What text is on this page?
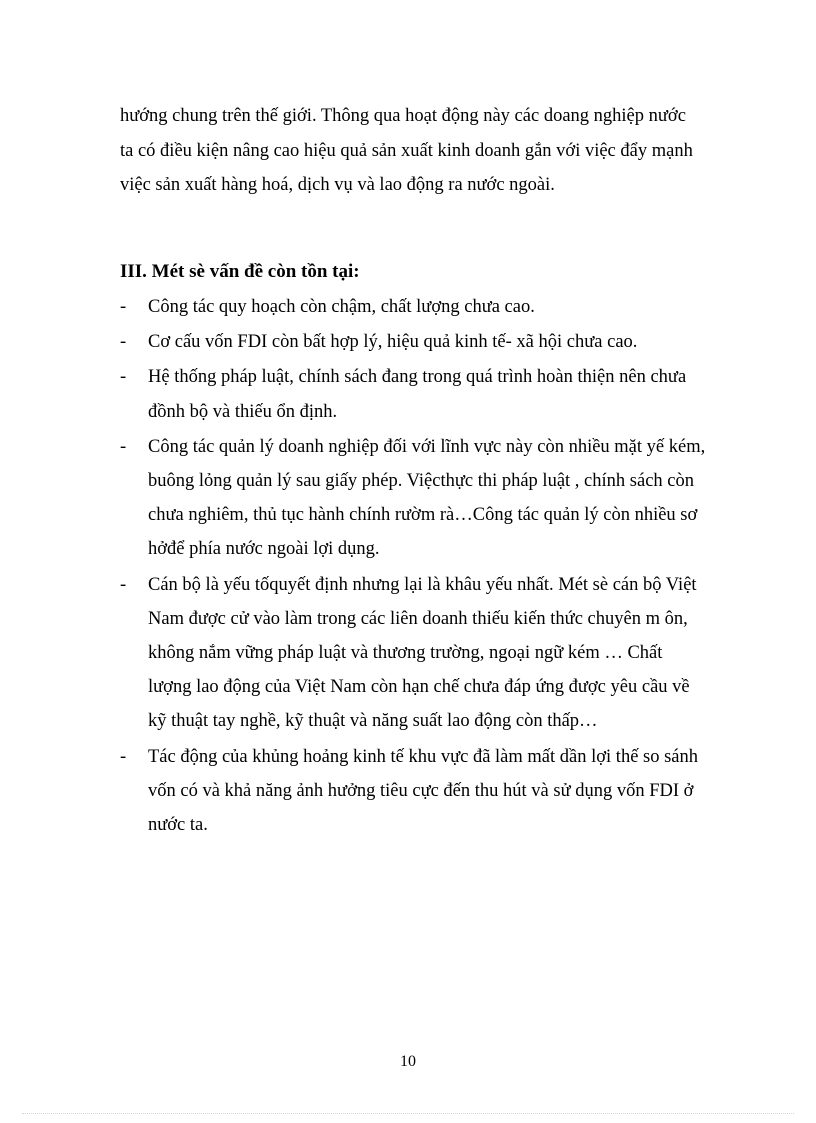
hướng chung trên thế giới. Thông qua hoạt động này các doang nghiệp nước ta có điều kiện nâng cao hiệu quả sản xuất kinh doanh gắn với việc đẩy mạnh việc sản xuất hàng hoá, dịch vụ và lao động ra nước ngoài.

III. Mét sè vấn đề còn tồn tại:
-	Công tác quy hoạch còn chậm, chất lượng chưa cao.
-	Cơ cấu vốn FDI còn bất hợp lý, hiệu quả kinh tế- xã hội chưa cao.
-	Hệ thống pháp luật, chính sách đang trong quá trình hoàn thiện nên chưa đồnh bộ và thiếu ổn định.
-	Công tác quản lý doanh nghiệp đối với lĩnh vực này còn nhiều mặt yế kém, buông lỏng quản lý sau giấy phép. Việcthực thi pháp luật , chính sách còn chưa nghiêm, thủ tục hành chính rườm rà…Công tác quản lý còn nhiều sơ hởđể phía nước ngoài lợi dụng.
-	Cán bộ là yếu tốquyết định nhưng lại là khâu yếu nhất. Mét sè cán bộ Việt Nam được cử vào làm trong các liên doanh thiếu kiến thức chuyên m ôn, không nắm vững pháp luật và thương trường, ngoại ngữ kém … Chất lượng lao động của Việt Nam còn hạn chế chưa đáp ứng được yêu cầu về kỹ thuật tay nghề, kỹ thuật và năng suất lao động còn thấp…
-	Tác động của khủng hoảng kinh tế khu vực đã làm mất dần lợi thế so sánh vốn có và khả năng ảnh hưởng tiêu cực đến thu hút và sử dụng vốn FDI ở nước ta.
10
